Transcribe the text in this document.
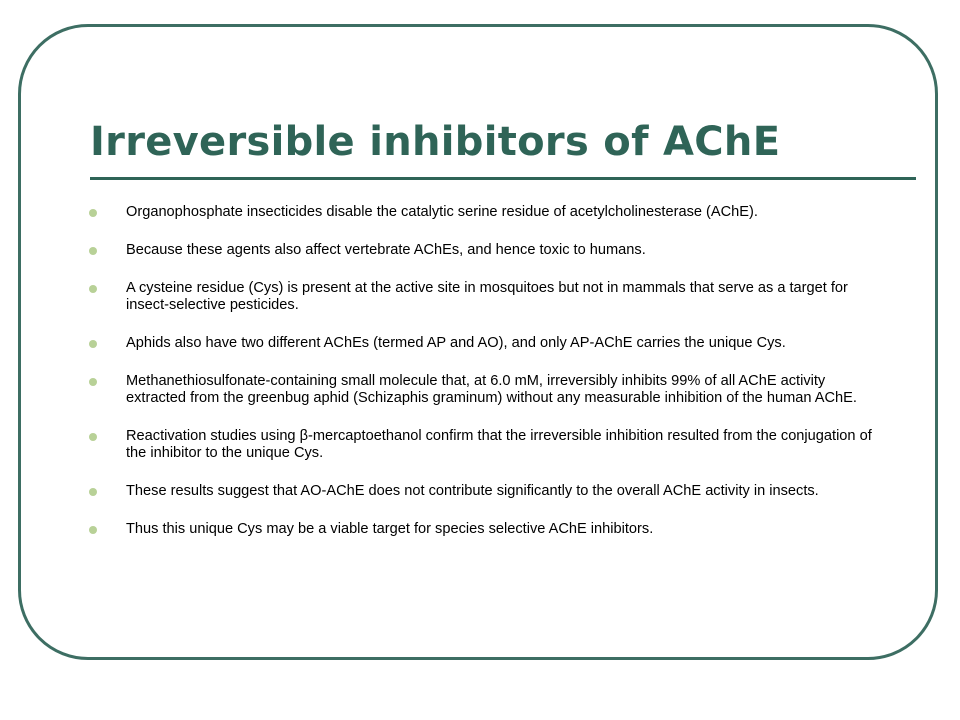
Irreversible inhibitors of AChE
Organophosphate insecticides disable the catalytic serine residue of acetylcholinesterase (AChE).
Because these agents also affect vertebrate AChEs, and hence toxic to humans.
A cysteine residue (Cys) is present at the active site in mosquitoes but not in mammals that serve as a target for insect-selective pesticides.
Aphids also have two different AChEs (termed AP and AO), and only AP-AChE carries the unique Cys.
Methanethiosulfonate-containing small molecule that, at 6.0 mM, irreversibly inhibits 99% of all AChE activity extracted from the greenbug aphid (Schizaphis graminum) without any measurable inhibition of the human AChE.
Reactivation studies using β-mercaptoethanol confirm that the irreversible inhibition resulted from the conjugation of the inhibitor to the unique Cys.
These results suggest that AO-AChE does not contribute significantly to the overall AChE activity in insects.
Thus this unique Cys may be a viable target for species selective AChE inhibitors.
